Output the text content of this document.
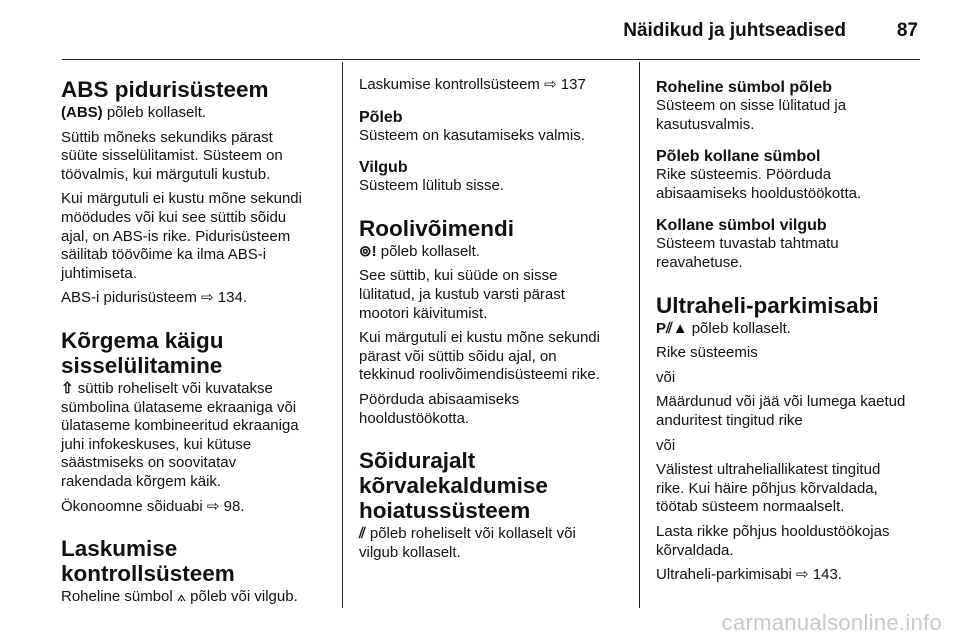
Näidikud ja juhtseadised	87
ABS pidurisüsteem

(ABS) põleb kollaselt.

Süttib mõneks sekundiks pärast
süüte sisselülitamist. Süsteem on
töövalmis, kui märgutuli kustub.

Kui märgutuli ei kustu mõne sekundi
möödudes või kui see süttib sõidu
ajal, on ABS-is rike. Pidurisüsteem
säilitab töövõime ka ilma ABS-i
juhtimiseta.

ABS-i pidurisüsteem ⇨ 134.

Kõrgema käigu
sisselülitamine

⇧ süttib roheliselt või kuvatakse
sümbolina ülataseme ekraaniga või
ülataseme kombineeritud ekraaniga
juhi infokeskuses, kui kütuse
säästmiseks on soovitatav
rakendada kõrgem käik.

Ökonoomne sõiduabi ⇨ 98.

Laskumise
kontrollsüsteem

Roheline sümbol ⟑ põleb või vilgub.

Laskumise kontrollsüsteem ⇨ 137

Põleb

Süsteem on kasutamiseks valmis.

Vilgub

Süsteem lülitub sisse.

Roolivõimendi

⊚! põleb kollaselt.

See süttib, kui süüde on sisse
lülitatud, ja kustub varsti pärast
mootori käivitumist.

Kui märgutuli ei kustu mõne sekundi
pärast või süttib sõidu ajal, on
tekkinud roolivõimendisüsteemi rike.

Pöörduda abisaamiseks
hooldustöökotta.

Sõidurajalt
kõrvalekaldumise
hoiatussüsteem

⫽ põleb roheliselt või kollaselt või
vilgub kollaselt.

Roheline sümbol põleb

Süsteem on sisse lülitatud ja
kasutusvalmis.

Põleb kollane sümbol

Rike süsteemis. Pöörduda
abisaamiseks hooldustöökotta.

Kollane sümbol vilgub

Süsteem tuvastab tahtmatu
reavahetuse.

Ultraheli-parkimisabi

P⫽▲ põleb kollaselt.

Rike süsteemis

või

Määrdunud või jää või lumega kaetud
anduritest tingitud rike

või

Välistest ultraheliallikatest tingitud
rike. Kui häire põhjus kõrvaldada,
töötab süsteem normaalselt.

Lasta rikke põhjus hooldustöökojas
kõrvaldada.

Ultraheli-parkimisabi ⇨ 143.

carmanualsonline.info
